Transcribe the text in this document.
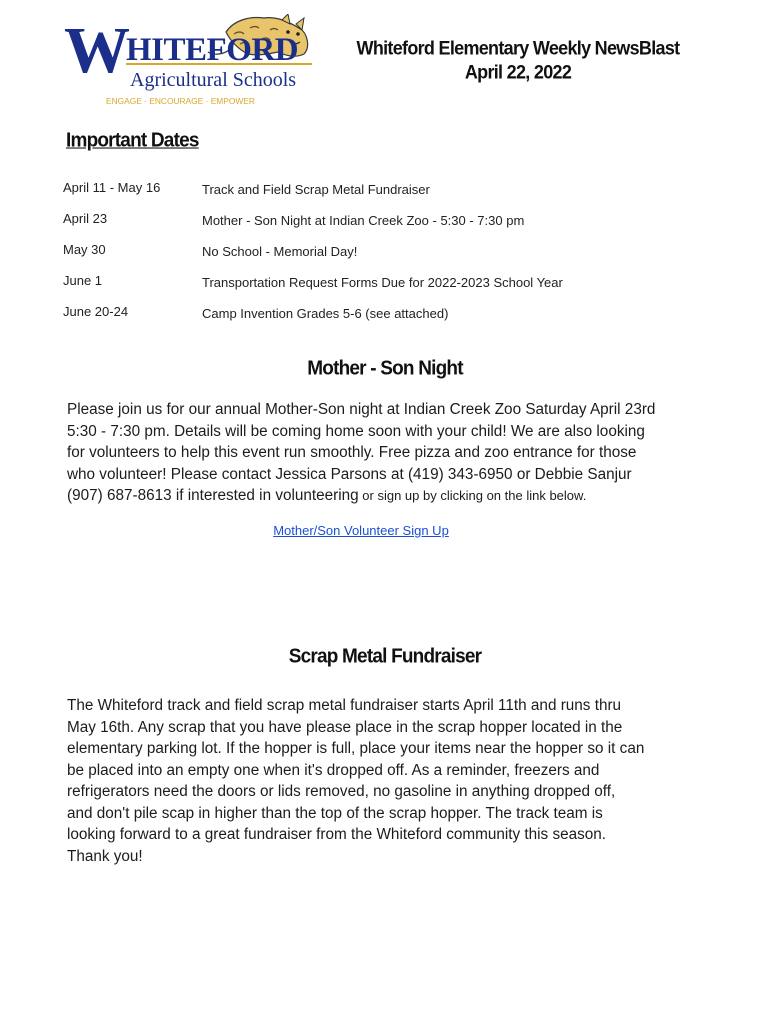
W
HITEFORD
Agricultural Schools
ENGAGE · ENCOURAGE · EMPOWER
Whiteford Elementary Weekly NewsBlast
April 22, 2022
Important Dates
April 11 - May 16	Track and Field Scrap Metal Fundraiser
April 23	Mother - Son Night at Indian Creek Zoo - 5:30 - 7:30 pm
May 30	No School - Memorial Day!
June 1	Transportation Request Forms Due for 2022-2023 School Year
June 20-24	Camp Invention Grades 5-6 (see attached)
Mother - Son Night
Please join us for our annual Mother-Son night at Indian Creek Zoo Saturday April 23rd
5:30 - 7:30 pm. Details will be coming home soon with your child! We are also looking
for volunteers to help this event run smoothly. Free pizza and zoo entrance for those
who volunteer! Please contact Jessica Parsons at (419) 343-6950 or Debbie Sanjur
(907) 687-8613 if interested in volunteering or sign up by clicking on the link below.
Mother/Son Volunteer Sign Up
Scrap Metal Fundraiser
The Whiteford track and field scrap metal fundraiser starts April 11th and runs thru
May 16th. Any scrap that you have please place in the scrap hopper located in the
elementary parking lot. If the hopper is full, place your items near the hopper so it can
be placed into an empty one when it's dropped off. As a reminder, freezers and
refrigerators need the doors or lids removed, no gasoline in anything dropped off,
and don't pile scap in higher than the top of the scrap hopper. The track team is
looking forward to a great fundraiser from the Whiteford community this season.
Thank you!
